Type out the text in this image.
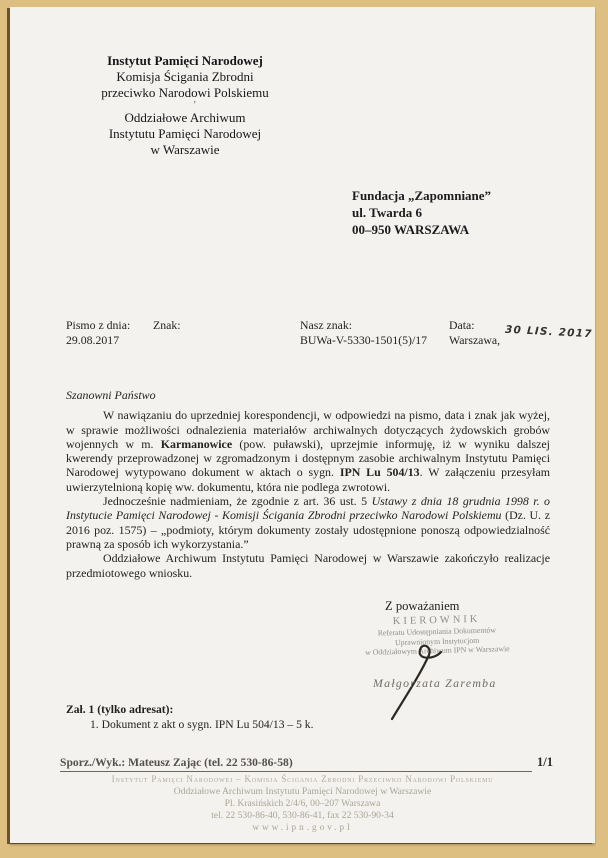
Instytut Pamięci Narodowej
Komisja Ścigania Zbrodni
przeciwko Narodowi Polskiemu
Oddziałowe Archiwum
Instytutu Pamięci Narodowej
w Warszawie
’
Fundacja „Zapomniane”
ul. Twarda 6
00–950 WARSZAWA
Pismo z dnia:
29.08.2017
Znak:	Nasz znak:
BUWa-V-5330-1501(5)/17
Data:
Warszawa, 30 LIS. 2017
Szanowni Państwo

W nawiązaniu do uprzedniej korespondencji, w odpowiedzi na pismo, data i znak jak wyżej, w sprawie możliwości odnalezienia materiałów archiwalnych dotyczących żydowskich grobów wojennych w m. Karmanowice (pow. puławski), uprzejmie informuję, iż w wyniku dalszej kwerendy przeprowadzonej w zgromadzonym i dostępnym zasobie archiwalnym Instytutu Pamięci Narodowej wytypowano dokument w aktach o sygn. IPN Lu 504/13. W załączeniu przesyłam uwierzytelnioną kopię ww. dokumentu, która nie podlega zwrotowi.

Jednocześnie nadmieniam, że zgodnie z art. 36 ust. 5 Ustawy z dnia 18 grudnia 1998 r. o Instytucie Pamięci Narodowej - Komisji Ścigania Zbrodni przeciwko Narodowi Polskiemu (Dz. U. z 2016 poz. 1575) – „podmioty, którym dokumenty zostały udostępnione ponoszą odpowiedzialność prawną za sposób ich wykorzystania.”

Oddziałowe Archiwum Instytutu Pamięci Narodowej w Warszawie zakończyło realizacje przedmiotowego wniosku.

Z poważaniem
KIEROWNIK
Referatu Udostępniania Dokumentów
Uprawnionym Instytucjom
w Oddziałowym Archiwum IPN w Warszawie
Małgorzata Zaremba
Zał. 1 (tylko adresat):
1. Dokument z akt o sygn. IPN Lu 504/13 – 5 k.
Sporz./Wyk.: Mateusz Zając (tel. 22 530-86-58)	1/1
Instytut Pamięci Narodowej – Komisja Ścigania Zbrodni Przeciwko Narodowi Polskiemu
Oddziałowe Archiwum Instytutu Pamięci Narodowej w Warszawie
Pl. Krasińskich 2/4/6, 00–207 Warszawa
tel. 22 530-86-40, 530-86-41, fax 22 530-90-34
www.ipn.gov.pl
